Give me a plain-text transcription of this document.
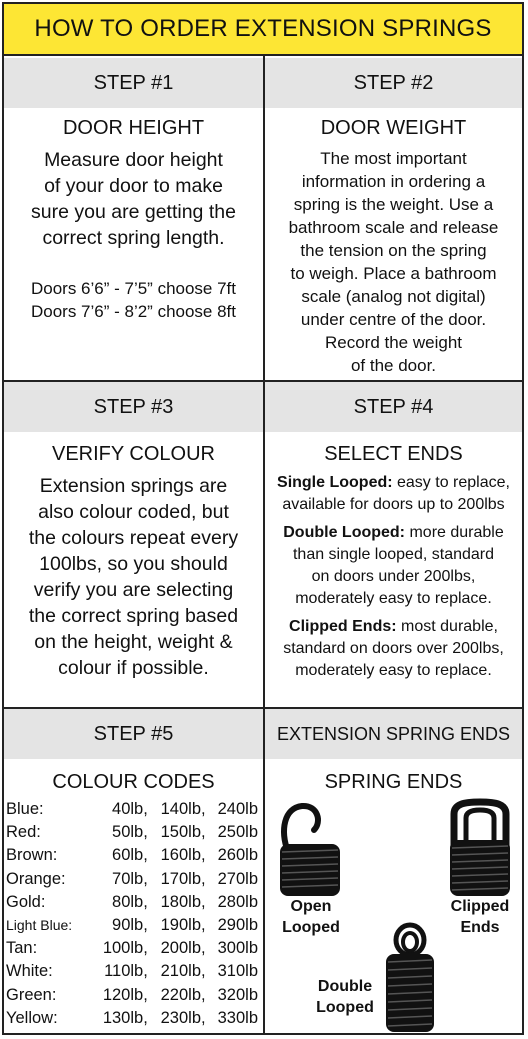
HOW TO ORDER EXTENSION SPRINGS
STEP #1	STEP #2
DOOR HEIGHT
Measure door height
of your door to make
sure you are getting the
correct spring length.
Doors 6’6” - 7’5” choose 7ft
Doors 7’6” - 8’2” choose 8ft
DOOR WEIGHT
The most important
information in ordering a
spring is the weight. Use a
bathroom scale and release
the tension on the spring
to weigh. Place a bathroom
scale (analog not digital)
under centre of the door.
Record the weight
of the door.
STEP #3	STEP #4
VERIFY COLOUR
Extension springs are
also colour coded, but
the colours repeat every
100lbs, so you should
verify you are selecting
the correct spring based
on the height, weight &
colour if possible.
SELECT ENDS
Single Looped: easy to replace,
available for doors up to 200lbs
Double Looped: more durable
than single looped, standard
on doors under 200lbs,
moderately easy to replace.
Clipped Ends: most durable,
standard on doors over 200lbs,
moderately easy to replace.
STEP #5	EXTENSION SPRING ENDS
COLOUR CODES
Blue:	40lb,	140lb,	240lb
Red:	50lb,	150lb,	250lb
Brown:	60lb,	160lb,	260lb
Orange:	70lb,	170lb,	270lb
Gold:	80lb,	180lb,	280lb
Light Blue:	90lb,	190lb,	290lb
Tan:	100lb,	200lb,	300lb
White:	110lb,	210lb,	310lb
Green:	120lb,	220lb,	320lb
Yellow:	130lb,	230lb,	330lb
SPRING ENDS
Open
Looped
Clipped
Ends
Double
Looped
